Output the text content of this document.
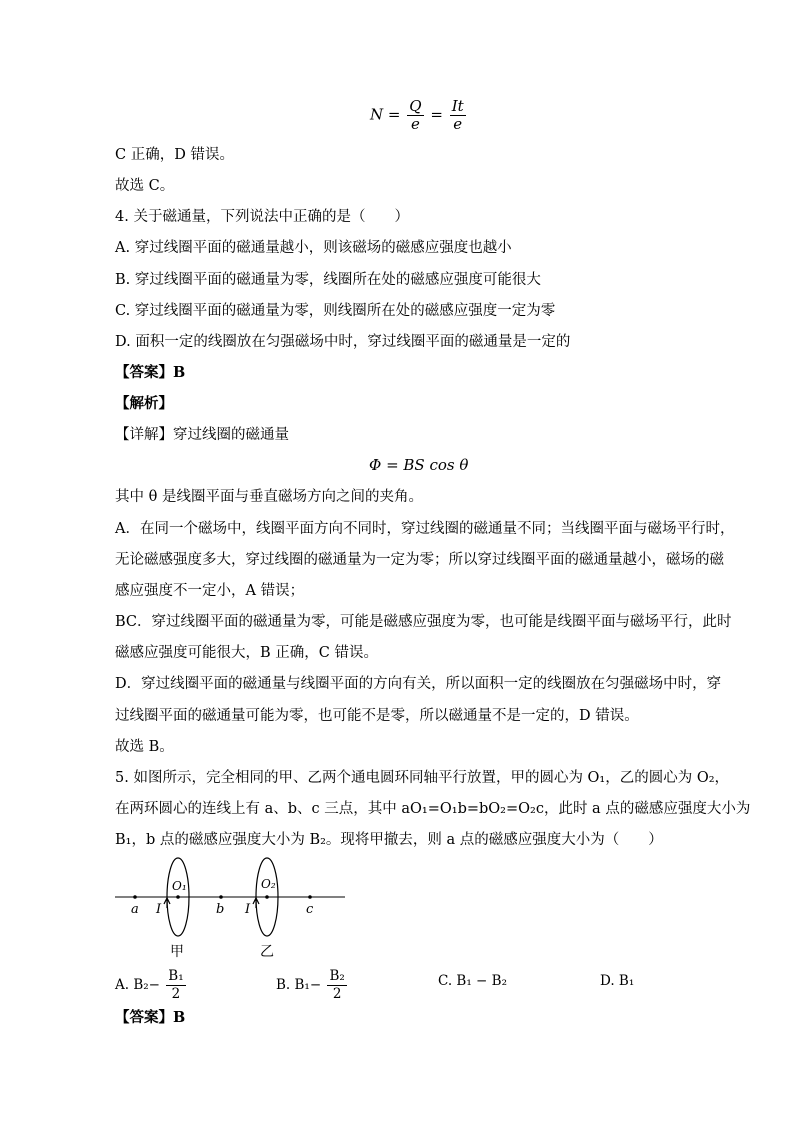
$N = \frac{Q}{e} = \frac{It}{e}$
C 正确，D 错误。
故选 C。
4. 关于磁通量，下列说法中正确的是（　　）
A. 穿过线圈平面的磁通量越小，则该磁场的磁感应强度也越小
B. 穿过线圈平面的磁通量为零，线圈所在处的磁感应强度可能很大
C. 穿过线圈平面的磁通量为零，则线圈所在处的磁感应强度一定为零
D. 面积一定的线圈放在匀强磁场中时，穿过线圈平面的磁通量是一定的
【答案】B
【解析】
【详解】穿过线圈的磁通量
Φ = BS cos θ
其中 θ 是线圈平面与垂直磁场方向之间的夹角。
A．在同一个磁场中，线圈平面方向不同时，穿过线圈的磁通量不同；当线圈平面与磁场平行时，
无论磁感强度多大，穿过线圈的磁通量为一定为零；所以穿过线圈平面的磁通量越小，磁场的磁
感应强度不一定小，A 错误；
BC．穿过线圈平面的磁通量为零，可能是磁感应强度为零，也可能是线圈平面与磁场平行，此时
磁感应强度可能很大，B 正确，C 错误。
D．穿过线圈平面的磁通量与线圈平面的方向有关，所以面积一定的线圈放在匀强磁场中时，穿
过线圈平面的磁通量可能为零，也可能不是零，所以磁通量不是一定的，D 错误。
故选 B。
5. 如图所示，完全相同的甲、乙两个通电圆环同轴平行放置，甲的圆心为 O₁，乙的圆心为 O₂，
在两环圆心的连线上有 a、b、c 三点，其中 aO₁=O₁b=bO₂=O₂c，此时 a 点的磁感应强度大小为
B₁，b 点的磁感应强度大小为 B₂。现将甲撤去，则 a 点的磁感应强度大小为（　　）
a
O₁
b
O₂
c
I	I
甲	乙
A. $B_2- \frac{\text{B₁}}{2}$	B. $B_1- \frac{\text{B₂}}{2}$	C. B₁ − B₂	D. B₁
【答案】B
